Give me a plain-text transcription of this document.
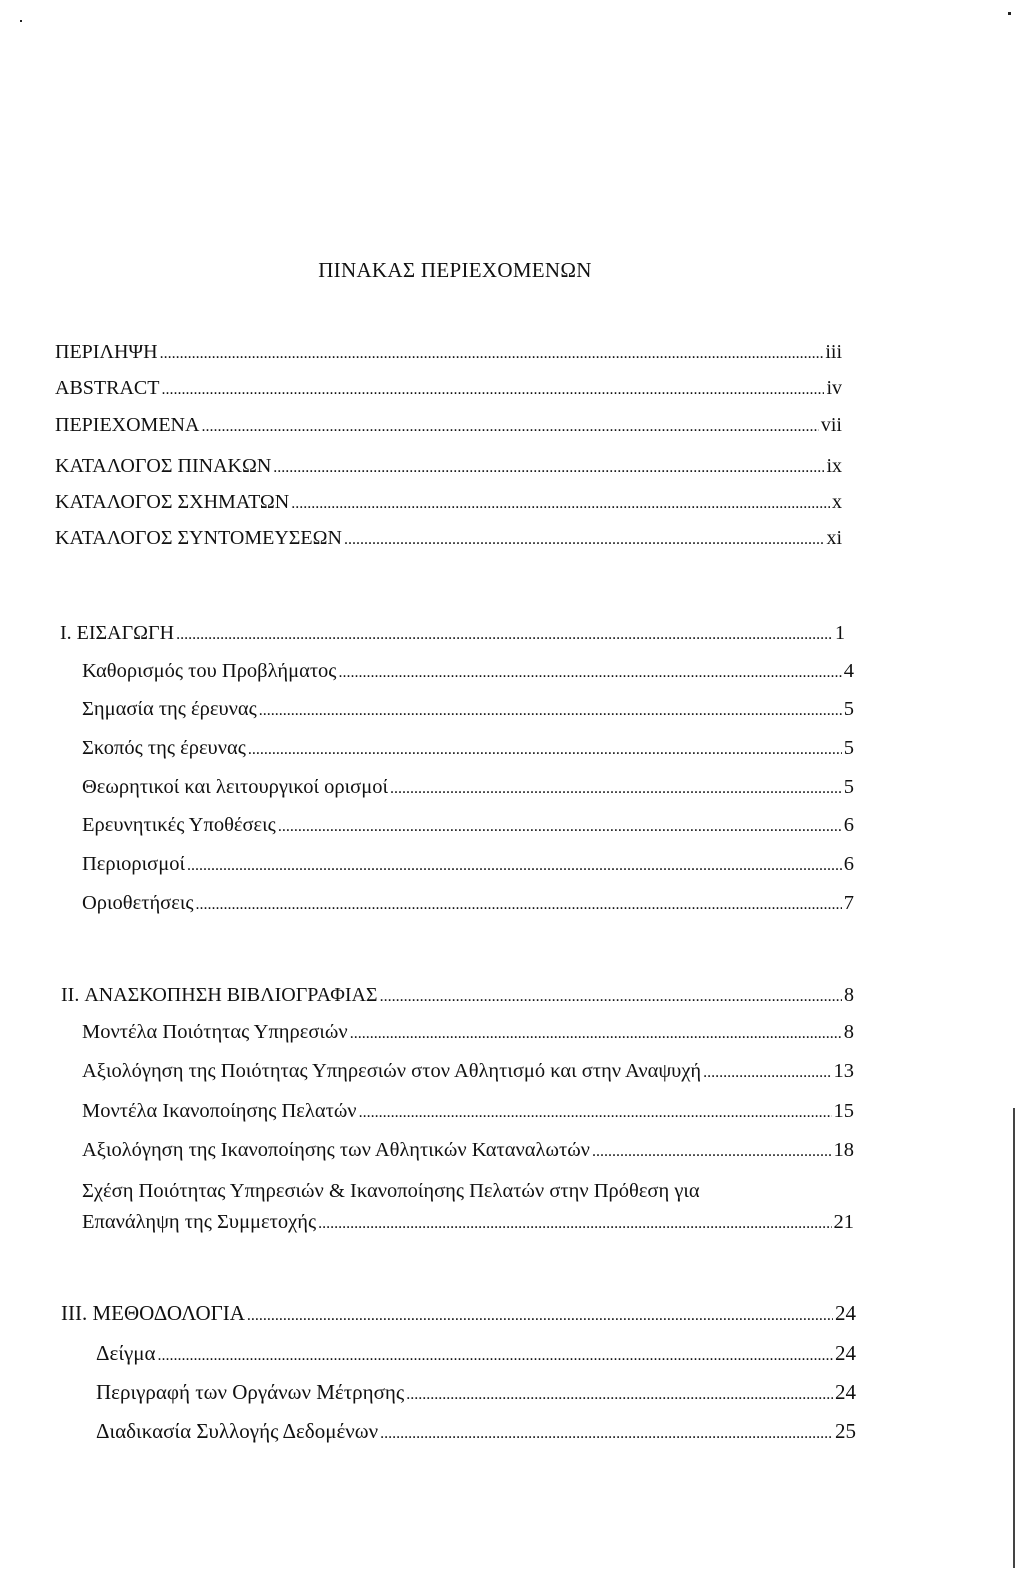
ΠΙΝΑΚΑΣ ΠΕΡΙΕΧΟΜΕΝΩΝ
ΠΕΡΙΛΗΨΗ .....	iii
ABSTRACT .....	iv
ΠΕΡΙΕΧΟΜΕΝΑ .....	vii
ΚΑΤΑΛΟΓΟΣ ΠΙΝΑΚΩΝ .....	ix
ΚΑΤΑΛΟΓΟΣ ΣΧΗΜΑΤΩΝ .....	x
ΚΑΤΑΛΟΓΟΣ ΣΥΝΤΟΜΕΥΣΕΩΝ .....	xi
I. ΕΙΣΑΓΩΓΗ .....	1
Καθορισμός του Προβλήματος .....	4
Σημασία της έρευνας .....	5
Σκοπός της έρευνας .....	5
Θεωρητικοί και λειτουργικοί ορισμοί .....	5
Ερευνητικές Υποθέσεις .....	6
Περιορισμοί .....	6
Οριοθετήσεις .....	7
II. ΑΝΑΣΚΟΠΗΣΗ ΒΙΒΛΙΟΓΡΑΦΙΑΣ .....	8
Μοντέλα Ποιότητας Υπηρεσιών .....	8
Αξιολόγηση της Ποιότητας Υπηρεσιών στον Αθλητισμό και στην Αναψυχή .....	13
Μοντέλα Ικανοποίησης Πελατών .....	15
Αξιολόγηση της Ικανοποίησης των Αθλητικών Καταναλωτών .....	18
Σχέση Ποιότητας Υπηρεσιών & Ικανοποίησης Πελατών στην Πρόθεση για
Επανάληψη της Συμμετοχής .....	21
III. ΜΕΘΟΔΟΛΟΓΙΑ .....	24
Δείγμα .....	24
Περιγραφή των Οργάνων Μέτρησης .....	24
Διαδικασία Συλλογής Δεδομένων .....	25
